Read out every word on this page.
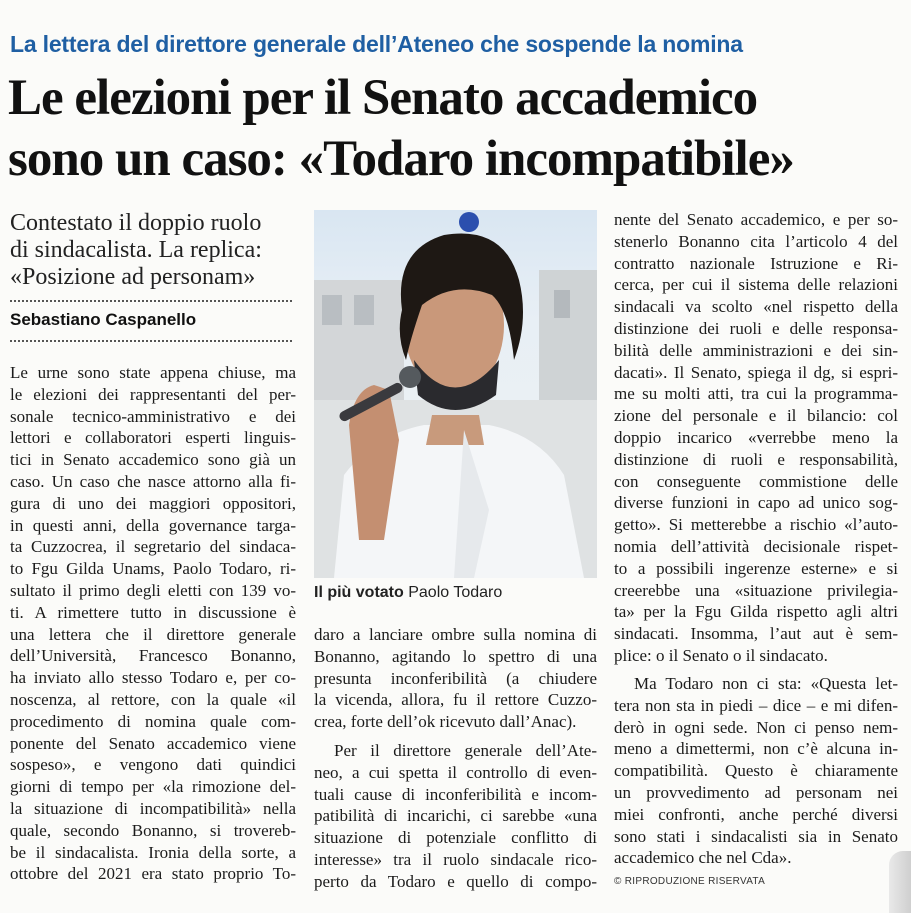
La lettera del direttore generale dell’Ateneo che sospende la nomina
Le elezioni per il Senato accademico
sono un caso: «Todaro incompatibile»
Contestato il doppio ruolo
di sindacalista. La replica:
«Posizione ad personam»
Sebastiano Caspanello
Le urne sono state appena chiuse, ma
le elezioni dei rappresentanti del per-
sonale tecnico-amministrativo e dei
lettori e collaboratori esperti linguis-
tici in Senato accademico sono già un
caso. Un caso che nasce attorno alla fi-
gura di uno dei maggiori oppositori,
in questi anni, della governance targa-
ta Cuzzocrea, il segretario del sindaca-
to Fgu Gilda Unams, Paolo Todaro, ri-
sultato il primo degli eletti con 139 vo-
ti. A rimettere tutto in discussione è
una lettera che il direttore generale
dell’Università, Francesco Bonanno,
ha inviato allo stesso Todaro e, per co-
noscenza, al rettore, con la quale «il
procedimento di nomina quale com-
ponente del Senato accademico viene
sospeso», e vengono dati quindici
giorni di tempo per «la rimozione del-
la situazione di incompatibilità» nella
quale, secondo Bonanno, si trovereb-
be il sindacalista. Ironia della sorte, a
ottobre del 2021 era stato proprio To-
Il più votato Paolo Todaro
daro a lanciare ombre sulla nomina di
Bonanno, agitando lo spettro di una
presunta inconferibilità (a chiudere
la vicenda, allora, fu il rettore Cuzzo-
crea, forte dell’ok ricevuto dall’Anac).
Per il direttore generale dell’Ate-
neo, a cui spetta il controllo di even-
tuali cause di inconferibilità e incom-
patibilità di incarichi, ci sarebbe «una
situazione di potenziale conflitto di
interesse» tra il ruolo sindacale rico-
perto da Todaro e quello di compo-
nente del Senato accademico, e per so-
stenerlo Bonanno cita l’articolo 4 del
contratto nazionale Istruzione e Ri-
cerca, per cui il sistema delle relazioni
sindacali va scolto «nel rispetto della
distinzione dei ruoli e delle responsa-
bilità delle amministrazioni e dei sin-
dacati». Il Senato, spiega il dg, si espri-
me su molti atti, tra cui la programma-
zione del personale e il bilancio: col
doppio incarico «verrebbe meno la
distinzione di ruoli e responsabilità,
con conseguente commistione delle
diverse funzioni in capo ad unico sog-
getto». Si metterebbe a rischio «l’auto-
nomia dell’attività decisionale rispet-
to a possibili ingerenze esterne» e si
creerebbe una «situazione privilegia-
ta» per la Fgu Gilda rispetto agli altri
sindacati. Insomma, l’aut aut è sem-
plice: o il Senato o il sindacato.
Ma Todaro non ci sta: «Questa let-
tera non sta in piedi – dice – e mi difen-
derò in ogni sede. Non ci penso nem-
meno a dimettermi, non c’è alcuna in-
compatibilità. Questo è chiaramente
un provvedimento ad personam nei
miei confronti, anche perché diversi
sono stati i sindacalisti sia in Senato
accademico che nel Cda».
© RIPRODUZIONE RISERVATA
